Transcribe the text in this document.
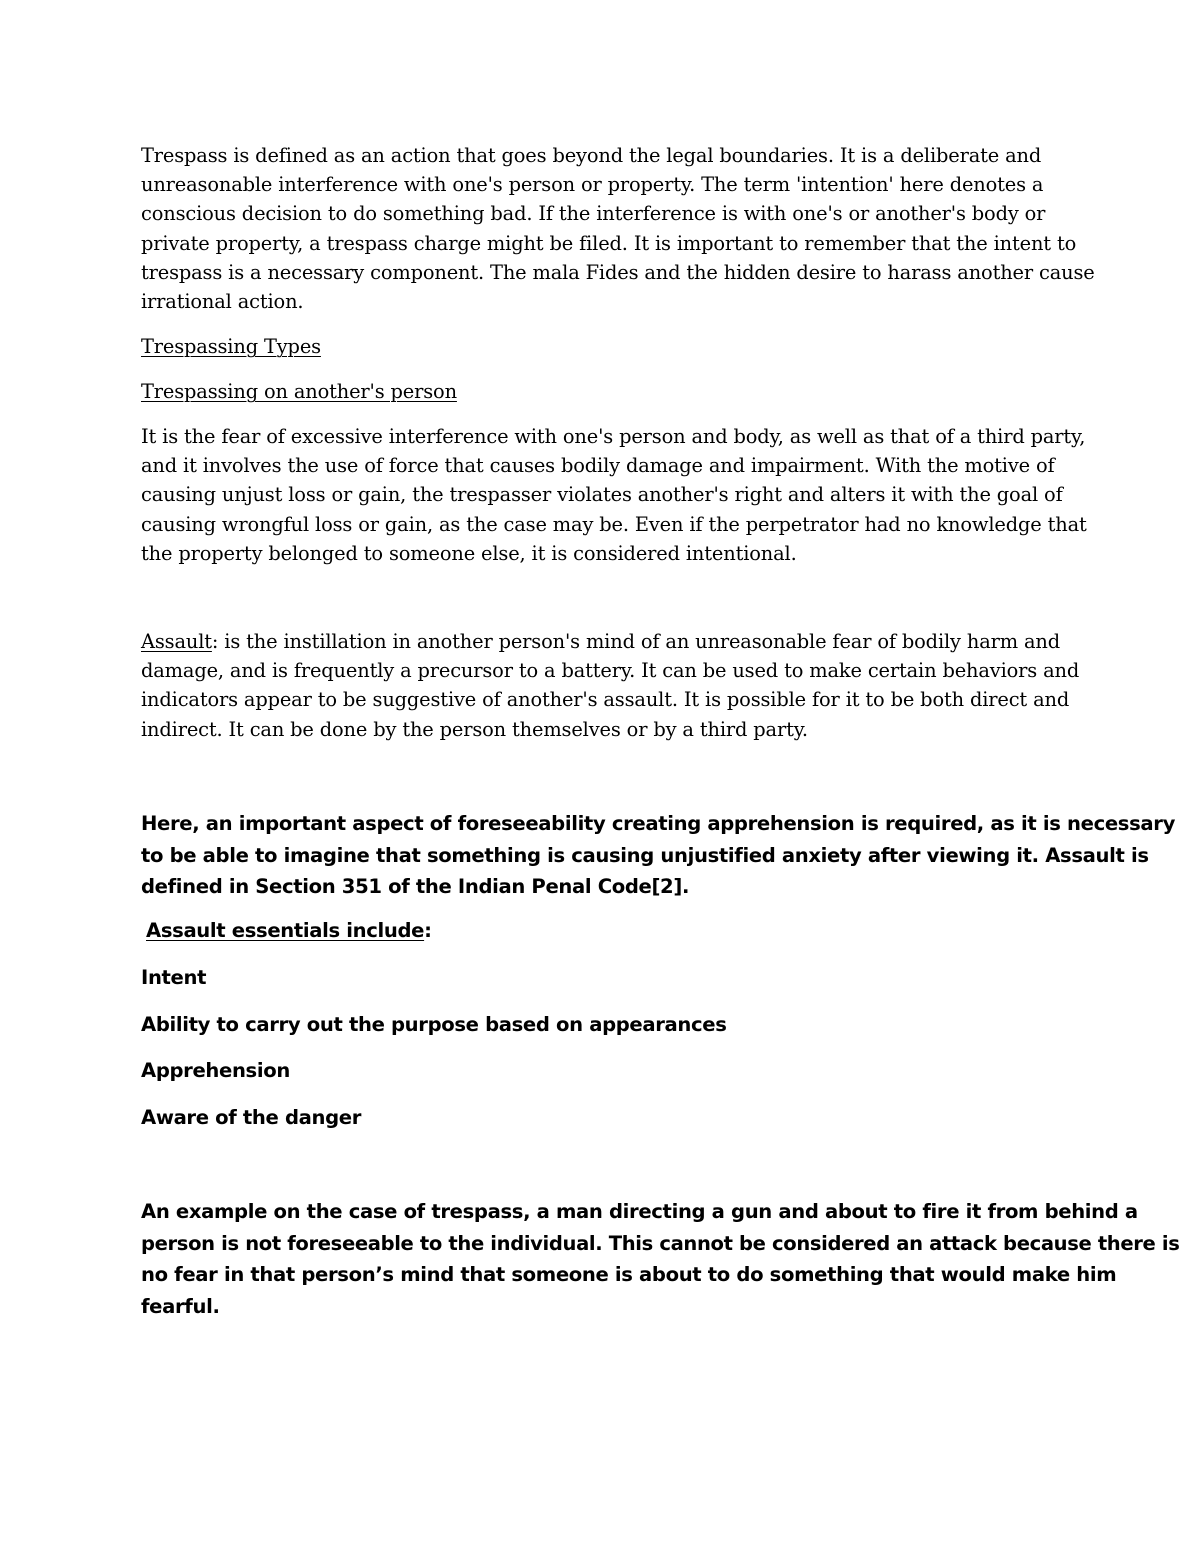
Trespass is defined as an action that goes beyond the legal boundaries. It is a deliberate and
unreasonable interference with one's person or property. The term 'intention' here denotes a
conscious decision to do something bad. If the interference is with one's or another's body or
private property, a trespass charge might be filed. It is important to remember that the intent to
trespass is a necessary component. The mala Fides and the hidden desire to harass another cause
irrational action.
Trespassing Types
Trespassing on another's person
It is the fear of excessive interference with one's person and body, as well as that of a third party,
and it involves the use of force that causes bodily damage and impairment. With the motive of
causing unjust loss or gain, the trespasser violates another's right and alters it with the goal of
causing wrongful loss or gain, as the case may be. Even if the perpetrator had no knowledge that
the property belonged to someone else, it is considered intentional.
Assault: is the instillation in another person's mind of an unreasonable fear of bodily harm and
damage, and is frequently a precursor to a battery. It can be used to make certain behaviors and
indicators appear to be suggestive of another's assault. It is possible for it to be both direct and
indirect. It can be done by the person themselves or by a third party.
Here, an important aspect of foreseeability creating apprehension is required, as it is necessary
to be able to imagine that something is causing unjustified anxiety after viewing it. Assault is
defined in Section 351 of the Indian Penal Code[2].
Assault essentials include:
Intent
Ability to carry out the purpose based on appearances
Apprehension
Aware of the danger
An example on the case of trespass, a man directing a gun and about to fire it from behind a
person is not foreseeable to the individual. This cannot be considered an attack because there is
no fear in that person’s mind that someone is about to do something that would make him
fearful.
